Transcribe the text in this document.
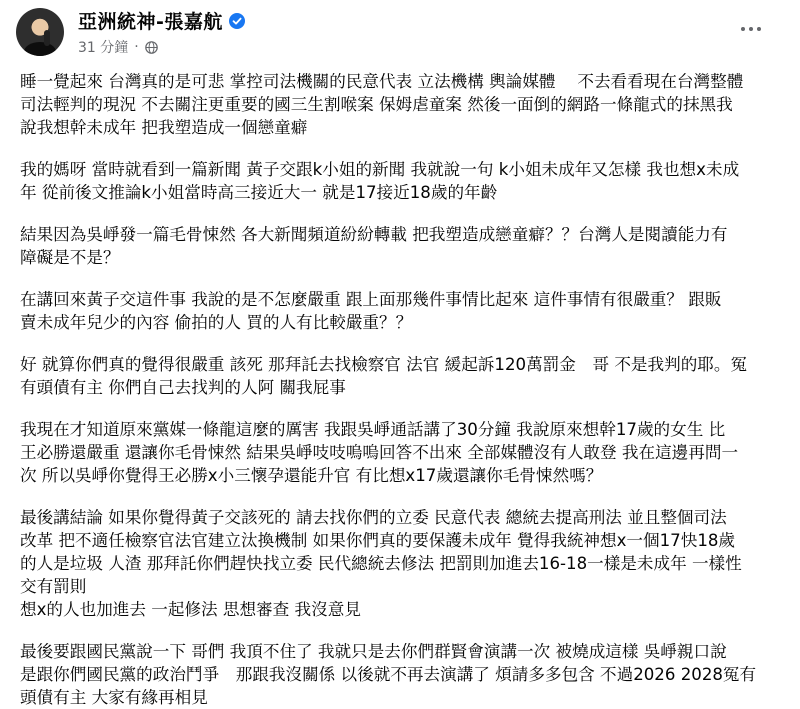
亞洲統神-張嘉航
31 分鐘 ·

睡一覺起來 台灣真的是可悲 掌控司法機關的民意代表 立法機構 輿論媒體 　不去看看現在台灣整體
司法輕判的現況 不去關注更重要的國三生割喉案 保姆虐童案 然後一面倒的網路一條龍式的抹黑我
說我想幹未成年 把我塑造成一個戀童癖

我的媽呀 當時就看到一篇新聞 黃子交跟k小姐的新聞 我就說一句 k小姐未成年又怎樣 我也想x未成
年 從前後文推論k小姐當時高三接近大一 就是17接近18歲的年齡

結果因為吳崢發一篇毛骨悚然 各大新聞頻道紛紛轉載 把我塑造成戀童癖？？台灣人是閱讀能力有
障礙是不是？

在講回來黃子交這件事 我說的是不怎麼嚴重 跟上面那幾件事情比起來 這件事情有很嚴重？ 跟販
賣未成年兒少的內容 偷拍的人 買的人有比較嚴重？？

好 就算你們真的覺得很嚴重 該死 那拜託去找檢察官 法官 緩起訴120萬罰金　哥 不是我判的耶。冤
有頭債有主 你們自己去找判的人阿 關我屁事

我現在才知道原來黨媒一條龍這麼的厲害 我跟吳崢通話講了30分鐘 我說原來想幹17歲的女生 比
王必勝還嚴重 還讓你毛骨悚然 結果吳崢吱吱嗚嗚回答不出來 全部媒體沒有人敢登 我在這邊再問一
次 所以吳崢你覺得王必勝x小三懷孕還能升官 有比想x17歲還讓你毛骨悚然嗎？

最後講結論 如果你覺得黃子交該死的 請去找你們的立委 民意代表 總統去提高刑法 並且整個司法
改革 把不適任檢察官法官建立汰換機制 如果你們真的要保護未成年 覺得我統神想x一個17快18歲
的人是垃圾 人渣 那拜託你們趕快找立委 民代總統去修法 把罰則加進去16-18一樣是未成年 一樣性
交有罰則

想x的人也加進去 一起修法 思想審查 我沒意見

最後要跟國民黨說一下 哥們 我頂不住了 我就只是去你們群賢會演講一次 被燒成這樣 吳崢親口說
是跟你們國民黨的政治鬥爭　那跟我沒關係 以後就不再去演講了 煩請多多包含 不過2026 2028冤有
頭債有主 大家有緣再相見
